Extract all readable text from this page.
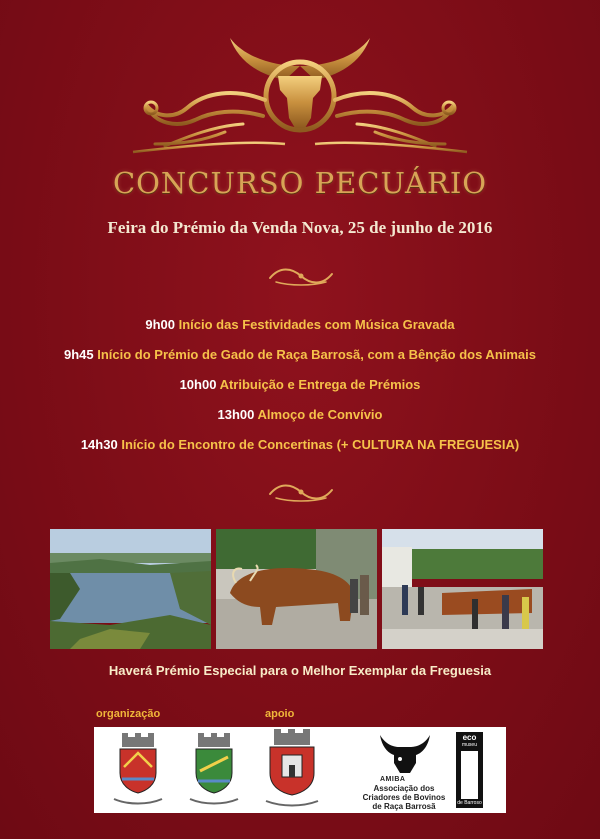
CONCURSO PECUÁRIO
Feira do Prémio da Venda Nova, 25 de junho de 2016
9h00 Início das Festividades com Música Gravada
9h45 Início do Prémio de Gado de Raça Barrosã, com a Bênção dos Animais
10h00 Atribuição e Entrega de Prémios
13h00 Almoço de Convívio
14h30 Início do Encontro de Concertinas (+ CULTURA NA FREGUESIA)
Haverá Prémio Especial para o Melhor Exemplar da Freguesia
organização	apoio
AMIBA
Associação dos Criadores de Bovinos de Raça Barrosã
eco
museu
de Barroso
